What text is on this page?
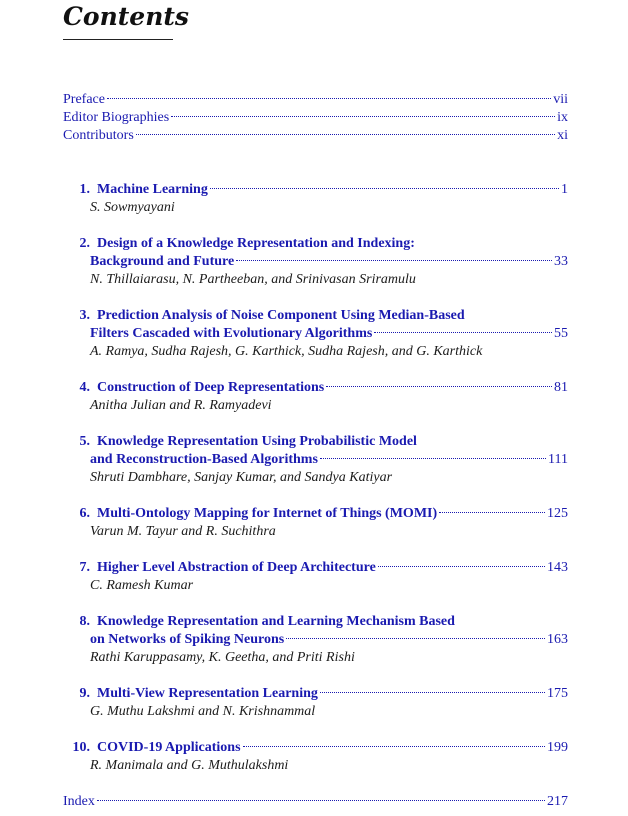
Contents
Preface	vii
Editor Biographies	ix
Contributors	xi
1. Machine Learning	1
S. Sowmyayani
2. Design of a Knowledge Representation and Indexing:
Background and Future	33
N. Thillaiarasu, N. Partheeban, and Srinivasan Sriramulu
3. Prediction Analysis of Noise Component Using Median-Based
Filters Cascaded with Evolutionary Algorithms	55
A. Ramya, Sudha Rajesh, G. Karthick, Sudha Rajesh, and G. Karthick
4. Construction of Deep Representations	81
Anitha Julian and R. Ramyadevi
5. Knowledge Representation Using Probabilistic Model
and Reconstruction-Based Algorithms	111
Shruti Dambhare, Sanjay Kumar, and Sandya Katiyar
6. Multi-Ontology Mapping for Internet of Things (MOMI)	125
Varun M. Tayur and R. Suchithra
7. Higher Level Abstraction of Deep Architecture	143
C. Ramesh Kumar
8. Knowledge Representation and Learning Mechanism Based
on Networks of Spiking Neurons	163
Rathi Karuppasamy, K. Geetha, and Priti Rishi
9. Multi-View Representation Learning	175
G. Muthu Lakshmi and N. Krishnammal
10. COVID-19 Applications	199
R. Manimala and G. Muthulakshmi
Index	217
